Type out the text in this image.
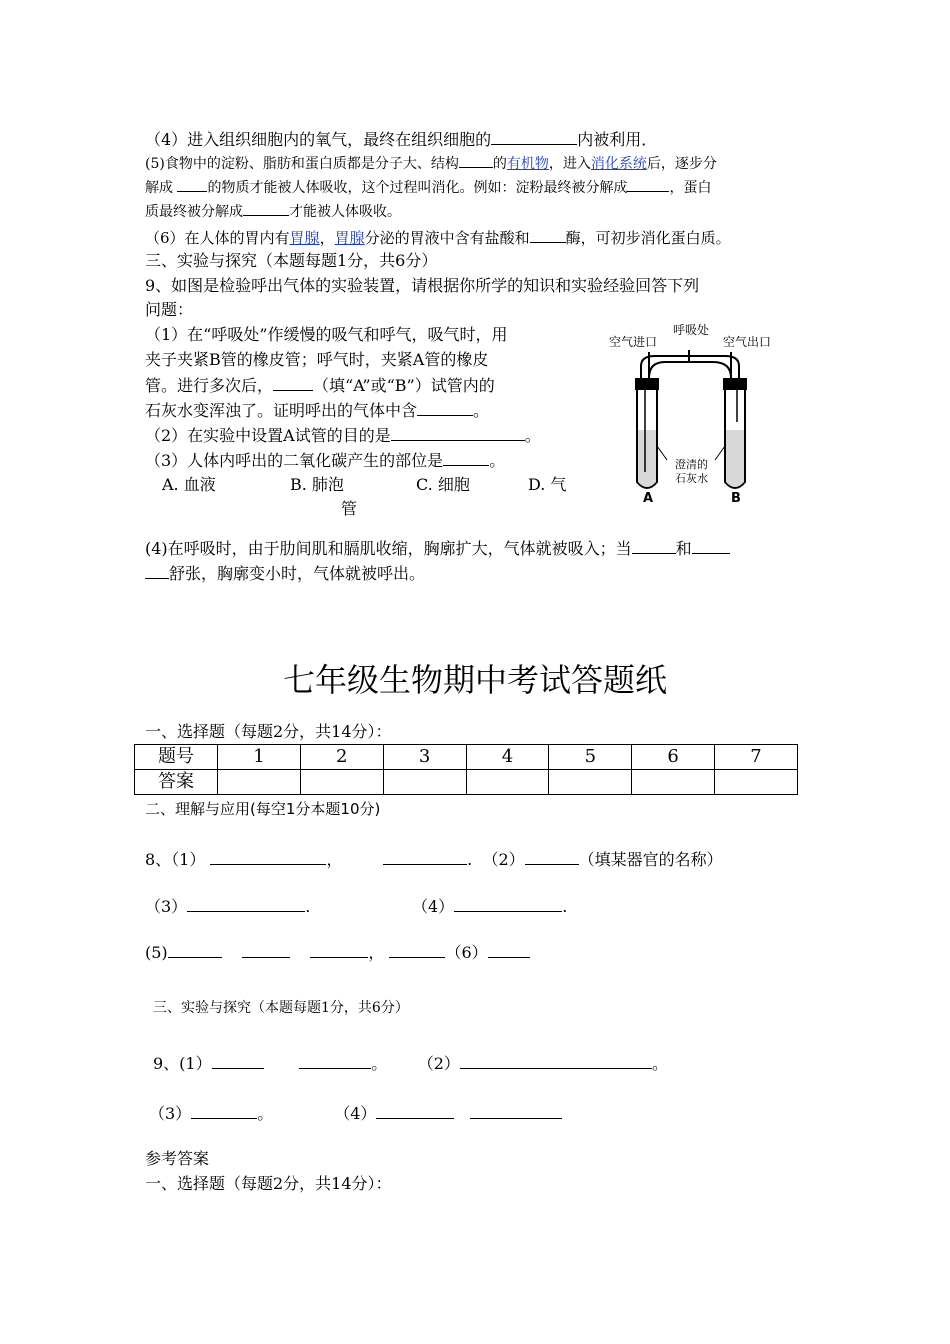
（4）进入组织细胞内的氧气，最终在组织细胞的	内被利用．
(5)食物中的淀粉、脂肪和蛋白质都是分子大、结构 的有机物，进入消化系统后，逐步分
解成 的物质才能被人体吸收，这个过程叫消化。例如：淀粉最终被分解成	，蛋白
质最终被分解成	才能被人体吸收。
（6）在人体的胃内有胃腺，胃腺分泌的胃液中含有盐酸和 酶，可初步消化蛋白质。
三、实验与探究（本题每题1分，共6分）
9、如图是检验呼出气体的实验装置，请根据你所学的知识和实验经验回答下列
问题：
（1）在“呼吸处”作缓慢的吸气和呼气，吸气时，用
夹子夹紧B管的橡皮管；呼气时，夹紧A管的橡皮
管。进行多次后，	（填“A”或“B”）试管内的
石灰水变浑浊了。证明呼出的气体中含	。
（2）在实验中设置A试管的目的是	。
（3）人体内呼出的二氧化碳产生的部位是	。
A. 血液	B. 肺泡	C. 细胞	D. 气
管
(4)在呼吸时，由于肋间肌和膈肌收缩，胸廓扩大，气体就被吸入；当	和
舒张，胸廓变小时，气体就被呼出。
空气进口
呼吸处
空气出口
澄清的
石灰水
A	B
七年级生物期中考试答题纸
一、选择题（每题2分，共14分）：
题号	1	2	3	4	5	6	7
答案							
二、理解与应用(每空1分本题10分)
8、（1）	，	. （2）	（填某器官的名称）
（3）	.	（4）	.
(5)	，	（6）
三、实验与探究（本题每题1分，共6分）
9、(1）	。 （2）	。
（3）	。	（4）
参考答案
一、选择题（每题2分，共14分）：
